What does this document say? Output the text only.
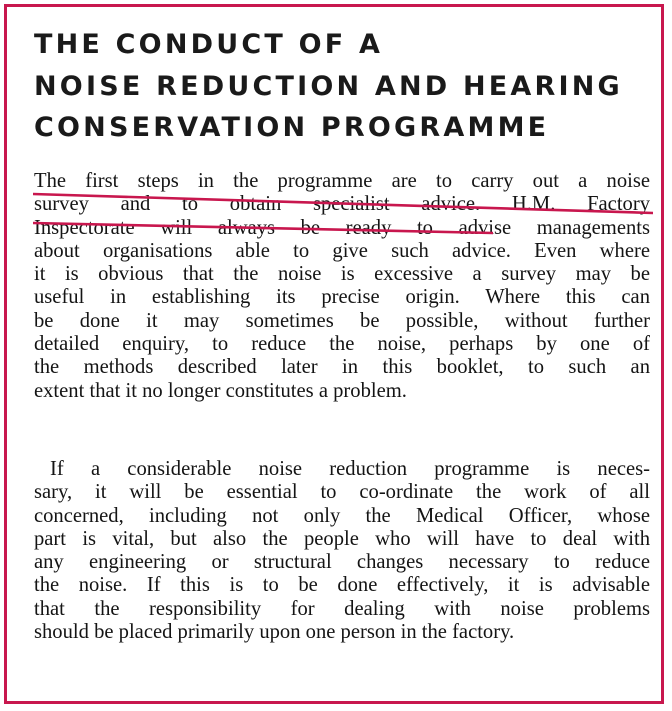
THE CONDUCT OF A
NOISE REDUCTION AND HEARING
CONSERVATION PROGRAMME

The first steps in the programme are to carry out a noise
survey and to obtain specialist advice. H.M. Factory
Inspectorate will always be ready to advise managements
about organisations able to give such advice. Even where
it is obvious that the noise is excessive a survey may be
useful in establishing its precise origin. Where this can
be done it may sometimes be possible, without further
detailed enquiry, to reduce the noise, perhaps by one of
the methods described later in this booklet, to such an
extent that it no longer constitutes a problem.

If a considerable noise reduction programme is neces-
sary, it will be essential to co-ordinate the work of all
concerned, including not only the Medical Officer, whose
part is vital, but also the people who will have to deal with
any engineering or structural changes necessary to reduce
the noise. If this is to be done effectively, it is advisable
that the responsibility for dealing with noise problems
should be placed primarily upon one person in the factory.
